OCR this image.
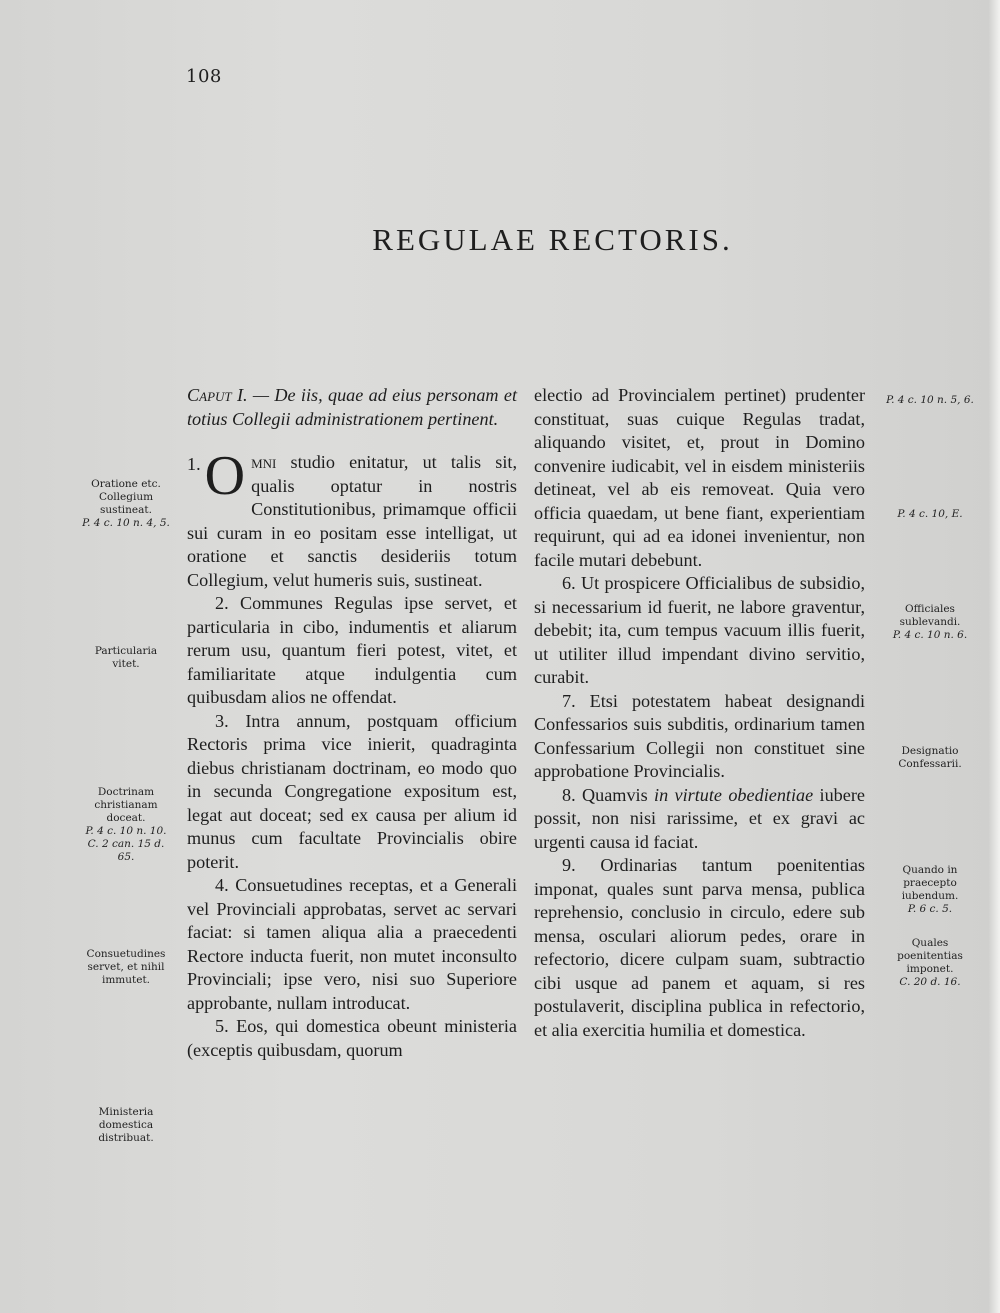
108
REGULAE RECTORIS.
Caput I. — De iis, quae ad eius personam et totius Collegii administrationem pertinent.
1. O mni studio enitatur, ut talis sit, qualis optatur in nostris Constitutionibus, primamque officii sui curam in eo positam esse intelligat, ut oratione et sanctis desideriis totum Collegium, velut humeris suis, sustineat.
2. Communes Regulas ipse servet, et particularia in cibo, indumentis et aliarum rerum usu, quantum fieri potest, vitet, et familiaritate atque indulgentia cum quibusdam alios ne offendat.
3. Intra annum, postquam officium Rectoris prima vice inierit, quadraginta diebus christianam doctrinam, eo modo quo in secunda Congregatione expositum est, legat aut doceat; sed ex causa per alium id munus cum facultate Provincialis obire poterit.
4. Consuetudines receptas, et a Generali vel Provinciali approbatas, servet ac servari faciat: si tamen aliqua alia a praecedenti Rectore inducta fuerit, non mutet inconsulto Provinciali; ipse vero, nisi suo Superiore approbante, nullam introducat.
5. Eos, qui domestica obeunt ministeria (exceptis quibusdam, quorum
electio ad Provincialem pertinet) prudenter constituat, suas cuique Regulas tradat, aliquando visitet, et, prout in Domino convenire iudicabit, vel in eisdem ministeriis detineat, vel ab eis removeat. Quia vero officia quaedam, ut bene fiant, experientiam requirunt, qui ad ea idonei invenientur, non facile mutari debebunt.
6. Ut prospicere Officialibus de subsidio, si necessarium id fuerit, ne labore graventur, debebit; ita, cum tempus vacuum illis fuerit, ut utiliter illud impendant divino servitio, curabit.
7. Etsi potestatem habeat designandi Confessarios suis subditis, ordinarium tamen Confessarium Collegii non constituet sine approbatione Provincialis.
8. Quamvis in virtute obedientiae iubere possit, non nisi rarissime, et ex gravi ac urgenti causa id faciat.
9. Ordinarias tantum poenitentias imponat, quales sunt parva mensa, publica reprehensio, conclusio in circulo, edere sub mensa, osculari aliorum pedes, orare in refectorio, dicere culpam suam, subtractio cibi usque ad panem et aquam, si res postulaverit, disciplina publica in refectorio, et alia exercitia humilia et domestica.
Oratione etc. Collegium sustineat.
P. 4 c. 10 n. 4, 5.
Particularia vitet.
Doctrinam christianam doceat.
P. 4 c. 10 n. 10. C. 2 can. 15 d. 65.
Consuetudines servet, et nihil immutet.
Ministeria domestica distribuat.
P. 4 c. 10 n. 5, 6.
P. 4 c. 10, E.
Officiales sublevandi.
P. 4 c. 10 n. 6.
Designatio Confessarii.
Quando in praecepto iubendum.
P. 6 c. 5.
Quales poenitentias imponet.
C. 20 d. 16.
